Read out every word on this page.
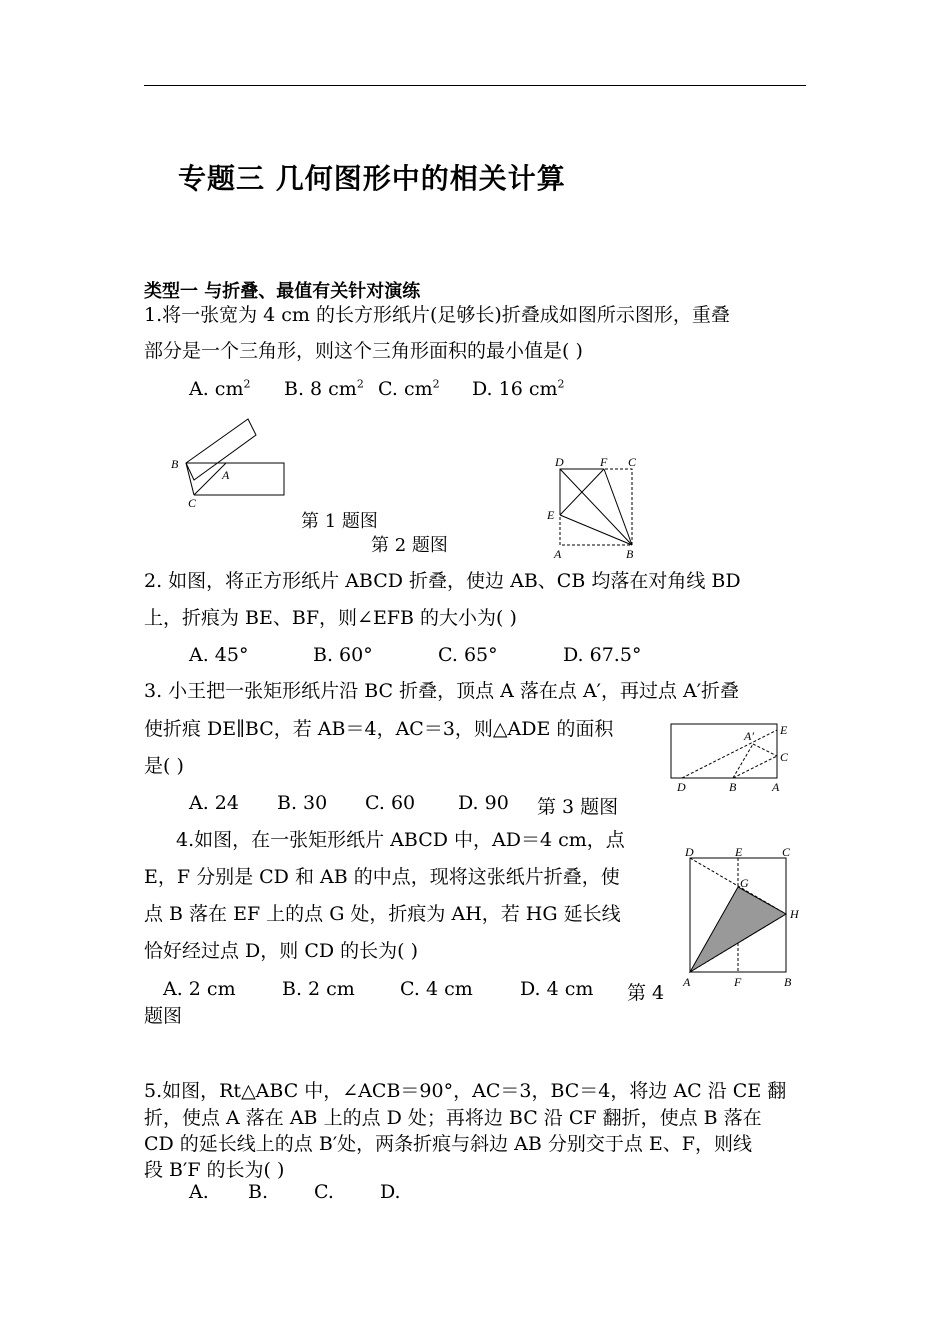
专题三 几何图形中的相关计算
类型一 与折叠、最值有关针对演练
1.将一张宽为 4 cm 的长方形纸片(足够长)折叠成如图所示图形，重叠
部分是一个三角形，则这个三角形面积的最小值是( )
A. $cm^2$ B. 8 $cm^2$ C. $cm^2$ D. 16 $cm^2$
B
A
C
第 1 题图
D	F C
E
A	B
第 2 题图
2. 如图，将正方形纸片 ABCD 折叠，使边 AB、CB 均落在对角线 BD
上，折痕为 BE、BF，则∠EFB 的大小为( )
A. 45°	B. 60°	C. 65°	D. 67.5°
3. 小王把一张矩形纸片沿 BC 折叠，顶点 A 落在点 A′，再过点 A′折叠
使折痕 DE∥BC，若 AB＝4，AC＝3，则△ADE 的面积
是( )
A. 24 B. 30 C. 60 D. 90 第 3 题图
A′ E
C
D	B	A
4.如图，在一张矩形纸片 ABCD 中，AD＝4 cm，点
E，F 分别是 CD 和 AB 的中点，现将这张纸片折叠，使
点 B 落在 EF 上的点 G 处，折痕为 AH，若 HG 延长线
恰好经过点 D，则 CD 的长为( )
A. 2 cm B. 2 cm C. 4 cm D. 4 cm 第 4
题图
D	E	C
G
H
A	F	B
5.如图，Rt△ABC 中，∠ACB＝90°，AC＝3，BC＝4，将边 AC 沿 CE 翻
折，使点 A 落在 AB 上的点 D 处；再将边 BC 沿 CF 翻折，使点 B 落在
CD 的延长线上的点 B′处，两条折痕与斜边 AB 分别交于点 E、F，则线
段 B′F 的长为( )
A. B. C. D.
